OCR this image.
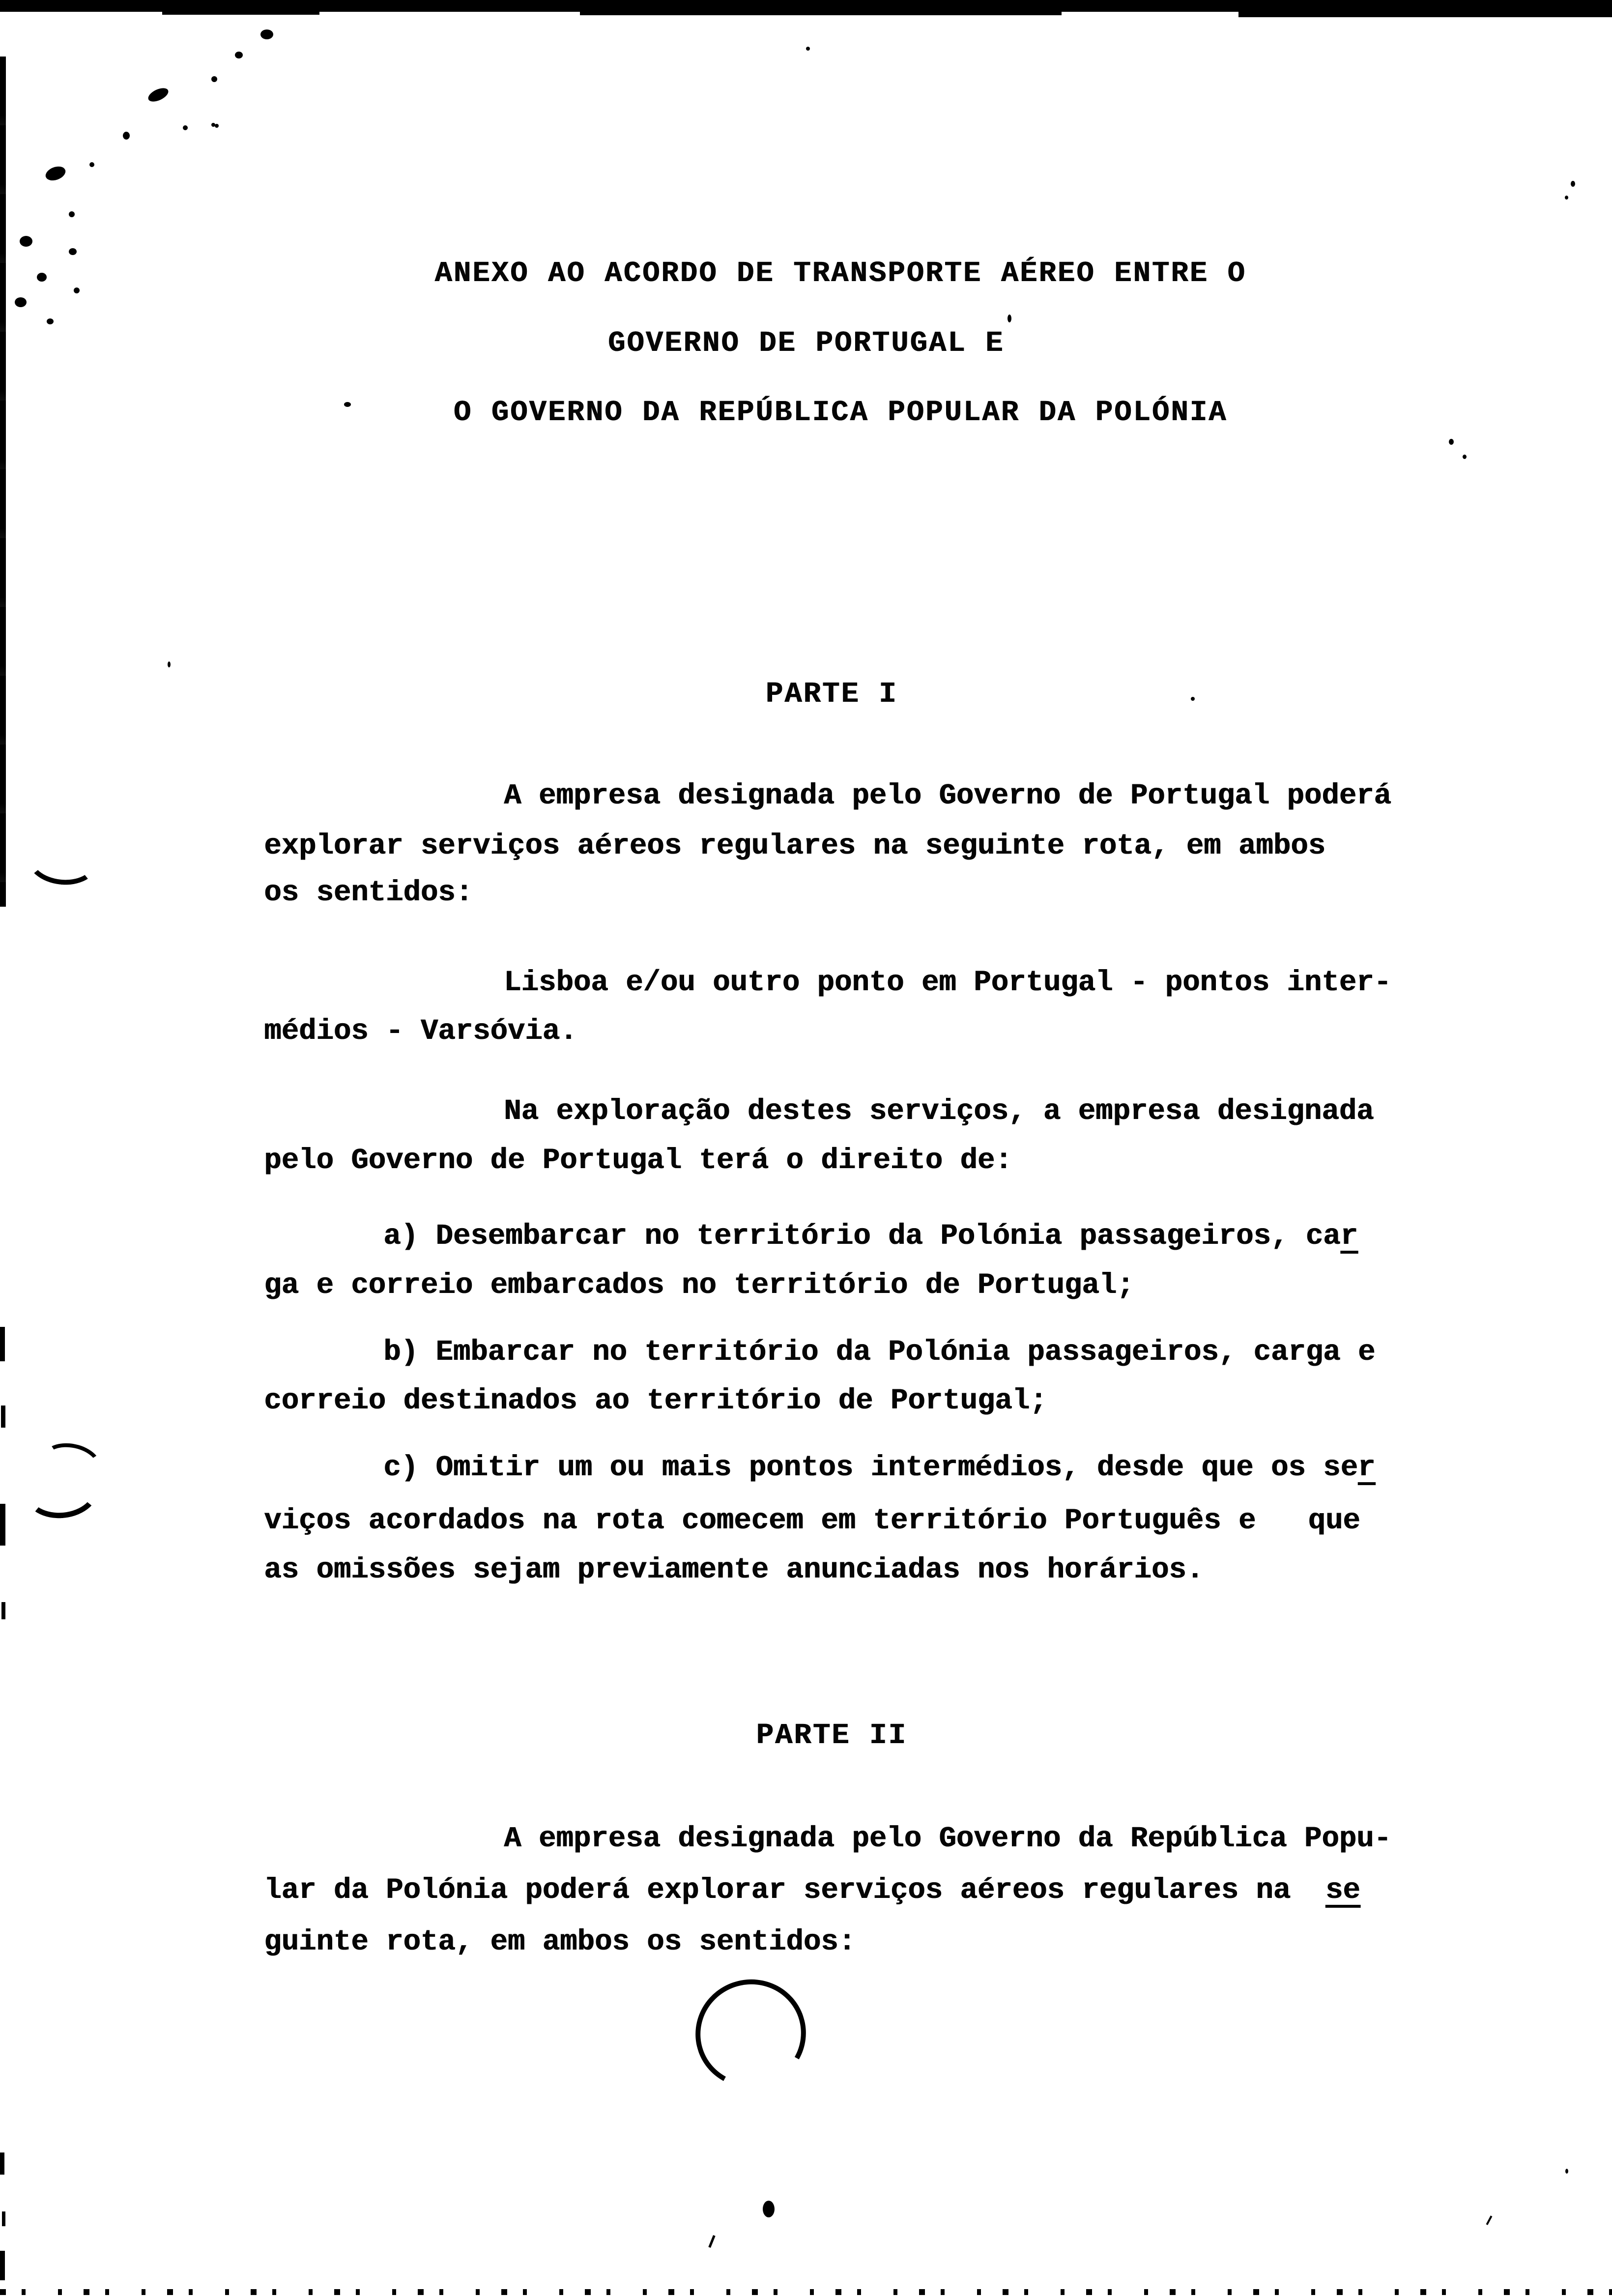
ANEXO AO ACORDO DE TRANSPORTE AÉREO ENTRE O
GOVERNO DE PORTUGAL E
O GOVERNO DA REPÚBLICA POPULAR DA POLÓNIA
PARTE I
A empresa designada pelo Governo de Portugal poderá
explorar serviços aéreos regulares na seguinte rota, em ambos
os sentidos:
Lisboa e/ou outro ponto em Portugal - pontos inter-
médios - Varsóvia.
Na exploração destes serviços, a empresa designada
pelo Governo de Portugal terá o direito de:
a) Desembarcar no território da Polónia passageiros, car
ga e correio embarcados no território de Portugal;
b) Embarcar no território da Polónia passageiros, carga e
correio destinados ao território de Portugal;
c) Omitir um ou mais pontos intermédios, desde que os ser
viços acordados na rota comecem em território Português e   que
as omissões sejam previamente anunciadas nos horários.
PARTE II
A empresa designada pelo Governo da República Popu-
lar da Polónia poderá explorar serviços aéreos regulares na  se
guinte rota, em ambos os sentidos:
